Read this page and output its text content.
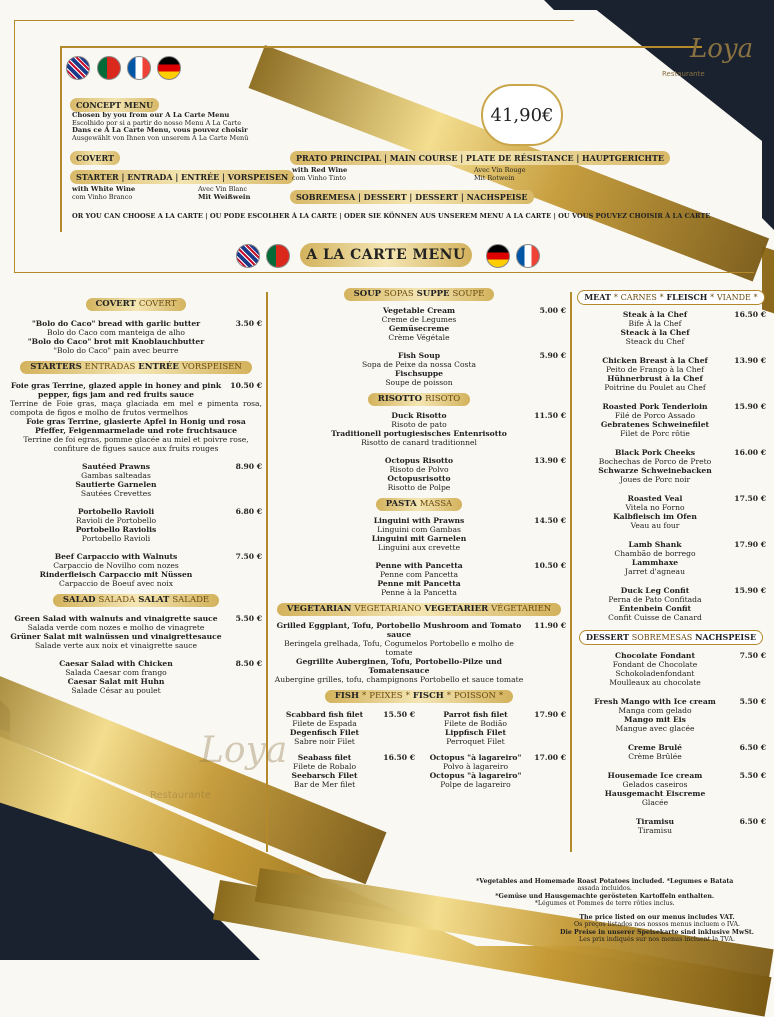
Loya
Restaurante
CONCEPT MENU
Chosen by you from our A La Carte Menu
Escolhido por si a partir do nosso Menu A La Carte
Dans ce A La Carte Menu, vous pouvez choisir
Ausgewählt von Ihnen von unserem A La Carte Menü
COVERT
STARTER | ENTRADA | ENTRÉE | VORSPEISEN
with White Wine
com Vinho Branco
Avec Vin Blanc
Mit Weißwein
41,90€
PRATO PRINCIPAL | MAIN COURSE | PLATE DE RÉSISTANCE | HAUPTGERICHTE
with Red Wine
com Vinho Tinto
Avec Vin Rouge
Mit Rotwein
SOBREMESA | DESSERT | DESSERT | NACHSPEISE
OR YOU CAN CHOOSE A LA CARTE | OU PODE ESCOLHER À LA CARTE | ODER SIE KÖNNEN AUS UNSEREM MENU A LA CARTE | OU VOUS POUVEZ CHOISIR À LA CARTE
A LA CARTE MENU
COVERT COVERT
"Bolo do Caco" bread with garlic butter
Bolo do Caco com manteiga de alho
"Bolo do Caco" brot mit Knoblauchbutter
"Bolo do Caco" pain avec beurre
3.50 €
STARTERS ENTRADAS ENTRÉE VORSPEISEN
Foie gras Terrine, glazed apple in honey and pink pepper, figs jam and red fruits sauce
Terrine de Foie gras, maça glaciada em mel e pimenta rosa, compota de figos e molho de frutos vermelhos
Foie gras Terrine, glasierte Apfel in Honig und rosa Pfeffer, Feigenmarmelade und rote fruchtsauce
Terrine de foi egras, pomme glacée au miel et poivre rose, confiture de figues sauce aux fruits rouges
10.50 €
Sautéed Prawns
Gambas salteadas
Sautierte Garnelen
Sautées Crevettes
8.90 €
Portobello Ravioli
Ravioli de Portobello
Portobello Raviolis
Portobello Ravioli
6.80 €
Beef Carpaccio with Walnuts
Carpaccio de Novilho com nozes
Rinderfleisch Carpaccio mit Nüssen
Carpaccio de Boeuf avec noix
7.50 €
SALAD SALADA SALAT SALADE
Green Salad with walnuts and vinaigrette sauce
Salada verde com nozes e molho de vinagrete
Grüner Salat mit walnüssen und vinaigrettesauce
Salade verte aux noix et vinaigrette sauce
5.50 €
Caesar Salad with Chicken
Salada Caesar com frango
Caesar Salat mit Huhn
Salade César au poulet
8.50 €
Loya
Restaurante
SOUP SOPAS SUPPE SOUPE
Vegetable Cream
Creme de Legumes
Gemüsecreme
Crème Végétale
5.00 €
Fish Soup
Sopa de Peixe da nossa Costa
Fischsuppe
Soupe de poisson
5.90 €
RISOTTO RISOTO
Duck Risotto
Risoto de pato
Traditionell portugiesisches Entenrisotto
Risotto de canard traditionnel
11.50 €
Octopus Risotto
Risoto de Polvo
Octopusrisotto
Risotto de Polpe
13.90 €
PASTA MASSA
Linguini with Prawns
Linguini com Gambas
Linguini mit Garnelen
Linguini aux crevette
14.50 €
Penne with Pancetta
Penne com Pancetta
Penne mit Pancetta
Penne à la Pancetta
10.50 €
VEGETARIAN VEGETARIANO VEGETARIER VÉGETARIEN
Grilled Eggplant, Tofu, Portobello Mushroom and Tomato sauce
Beringela grelhada, Tofu, Cogumelos Portobello e molho de tomate
Gegrillte Auberginen, Tofu, Portobello-Pilze und Tomatensauce
Aubergine grilles, tofu, champignons Portobello et sauce tomate
11.90 €
FISH * PEIXES * FISCH * POISSON *
Scabbard fish filet
Filete de Espada
Degenfisch Filet
Sabre noir Filet
15.50 €	Parrot fish filet
Filete de Bodião
Lippfisch Filet
Perroquet Filet
17.90 €
Seabass filet
Filete de Robalo
Seebarsch Filet
Bar de Mer filet
16.50 €	Octopus "à lagareiro"
Polvo à lagareiro
Octopus "à lagareiro"
Polpe de lagareiro
17.00 €
MEAT * CARNES * FLEISCH * VIANDE *
Steak à la Chef
Bife À la Chef
Steack à la Chef
Steack du Chef
16.50 €
Chicken Breast à la Chef
Peito de Frango à la Chef
Hühnerbrust à la Chef
Poitrine du Poulet au Chef
13.90 €
Roasted Pork Tenderloin
Filé de Porco Assado
Gebratenes Schweinefilet
Filet de Porc rôtie
15.90 €
Black Pork Cheeks
Bochechas de Porco de Preto
Schwarze Schweinebacken
Joues de Porc noir
16.00 €
Roasted Veal
Vitela no Forno
Kalbfleisch im Ofen
Veau au four
17.50 €
Lamb Shank
Chambão de borrego
Lammhaxe
Jarret d'agneau
17.90 €
Duck Leg Confit
Perna de Pato Confitada
Entenbein Confit
Confit Cuisse de Canard
15.90 €
DESSERT SOBREMESAS NACHSPEISE
Chocolate Fondant
Fondant de Chocolate
Schokoladenfondant
Moulleaux au chocolate
7.50 €
Fresh Mango with Ice cream
Manga com gelado
Mango mit Eis
Mangue avec glacée
5.50 €
Creme Brulé
Crème Brûlée
6.50 €
Housemade Ice cream
Gelados caseiros
Hausgemacht Eiscreme
Glacée
5.50 €
Tiramisu
Tiramisu
6.50 €
*Vegetables and Homemade Roast Potatoes included. *Legumes e Batata
assada incluidos.
*Gemüse und Hausgemachte gerösteten Kartoffeln enthalten.
*Légumes et Pommes de terre rôties inclus.
The price listed on our menus includes VAT.
Os preços listados nos nossos menus incluem o IVA.
Die Preise in unserer Speisekarte sind inklusive MwSt.
Les prix indiqués sur nos menus incluent la TVA.
